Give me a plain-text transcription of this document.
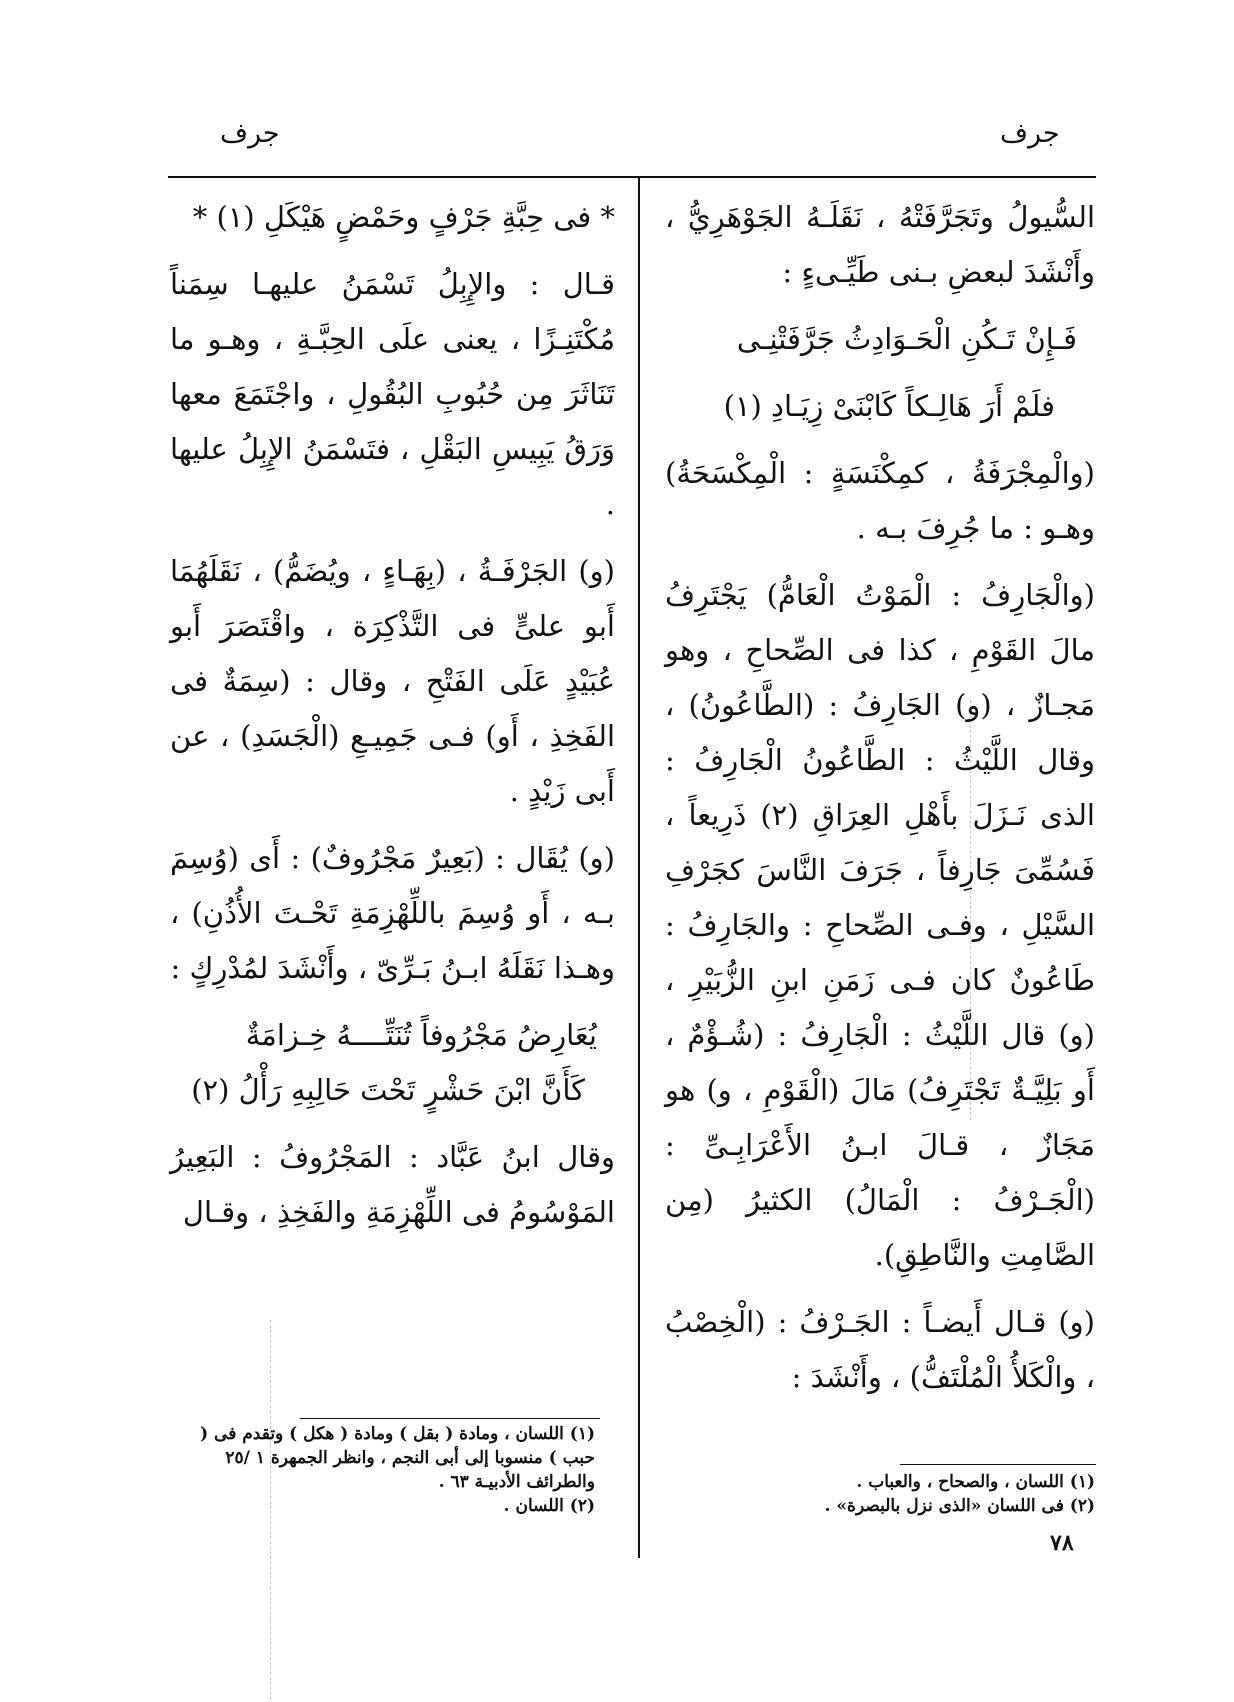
جرف
جرف

السُّيولُ وتَجَرَّفَتْهُ ، نَقَلَـهُ الجَوْهَرِيُّ ، وأَنْشَدَ لبعضِ بـنى طَيِّـىءٍ :

فَـإِنْ تَـكُنِ الْحَـوَادِثُ جَرَّفَتْنِـى

فلَمْ أَرَ هَالِـكاً كَابْنَىْ زِيَـادِ (١)

(والْمِجْرَفَةُ ، كمِكْنَسَةٍ : الْمِكْسَحَةُ) وهـو : ما جُرِفَ بـه .

(والْجَارِفُ : الْمَوْتُ الْعَامُّ) يَجْتَرِفُ مالَ القَوْمِ ، كذا فى الصِّحاحِ ، وهو مَجـازٌ ، (و) الجَارِفُ : (الطَّاعُونُ) ، وقال اللَّيْثُ : الطَّاعُونُ الْجَارِفُ : الذى نَـزَلَ بأَهْلِ العِرَاقِ (٢) ذَرِيعاً ، فَسُمِّىَ جَارِفاً ، جَرَفَ النَّاسَ كجَرْفِ السَّيْلِ ، وفـى الصِّحاحِ : والجَارِفُ : طَاعُونٌ كان فـى زَمَنِ ابنِ الزُّبَيْرِ ، (و) قال اللَّيْثُ : الْجَارِفُ : (شُـؤْمٌ ، أَو بَلِيَّـةٌ تَجْتَرِفُ) مَالَ (الْقَوْمِ ، و) هو مَجَازٌ ، قـالَ ابـنُ الأَعْرَابِـىِّ : (الْجَـرْفُ : الْمَالُ) الكثيرُ (مِن الصَّامِتِ والنَّاطِقِ).

(و) قـال أَيضـاً : الجَـرْفُ : (الْخِصْبُ ، والْكَلأُ الْمُلْتَفُّ) ، وأَنْشَدَ :

* فى حِبَّةِ جَرْفٍ وحَمْضٍ هَيْكَلِ (١) *

قـال : والإِبِلُ تَسْمَنُ عليهـا سِمَناً مُكْتَنِـزًا ، يعنى علَى الحِبَّـةِ ، وهـو ما تَنَاثَرَ مِن حُبُوبِ البُقُولِ ، واجْتَمَعَ معها وَرَقُ يَبِيسِ البَقْلِ ، فتَسْمَنُ الإِبِلُ عليها .

(و) الجَرْفَـةُ ، (بِهَـاءٍ ، ويُضَمُّ) ، نَقَلَهُمَا أَبو علىٍّ فى التَّذْكِرَة ، واقْتَصَرَ أَبو عُبَيْدٍ عَلَى الفَتْحِ ، وقال : (سِمَةٌ فى الفَخِذِ ، أَو) فـى جَمِيـعِ (الْجَسَدِ) ، عن أَبى زَيْدٍ .

(و) يُقَال : (بَعِيرٌ مَجْرُوفٌ) : أَى (وُسِمَ بـه ، أَو وُسِمَ باللِّهْزِمَةِ تَحْـتَ الأُذُنِ) ، وهـذا نَقَلَهُ ابـنُ بَـرِّىّ ، وأَنْشَدَ لمُدْرِكٍ :

يُعَارِضُ مَجْرُوفاً تُنَتِّــــهُ خِـزامَةٌ

كَأَنَّ ابْنَ حَشْرٍ تَحْتَ حَالِبِهِ رَأْلُ (٢)

وقال ابنُ عَبَّاد : المَجْرُوفُ : البَعِيرُ المَوْسُومُ فى اللِّهْزِمَةِ والفَخِذِ ، وقـال

(١) اللسان ، ومادة ( بقل ) ومادة ( هكل ) وتقدم فى ( حبب ) منسوبا إلى أبى النجم ، وانظر الجمهرة ١ /٢٥ والطرائف الأدبيـة ٦٣ .
(٢) اللسان .
(١) اللسان ، والصحاح ، والعباب .
(٢) فى اللسان «الذى نزل بالبصرة» .
٧٨
